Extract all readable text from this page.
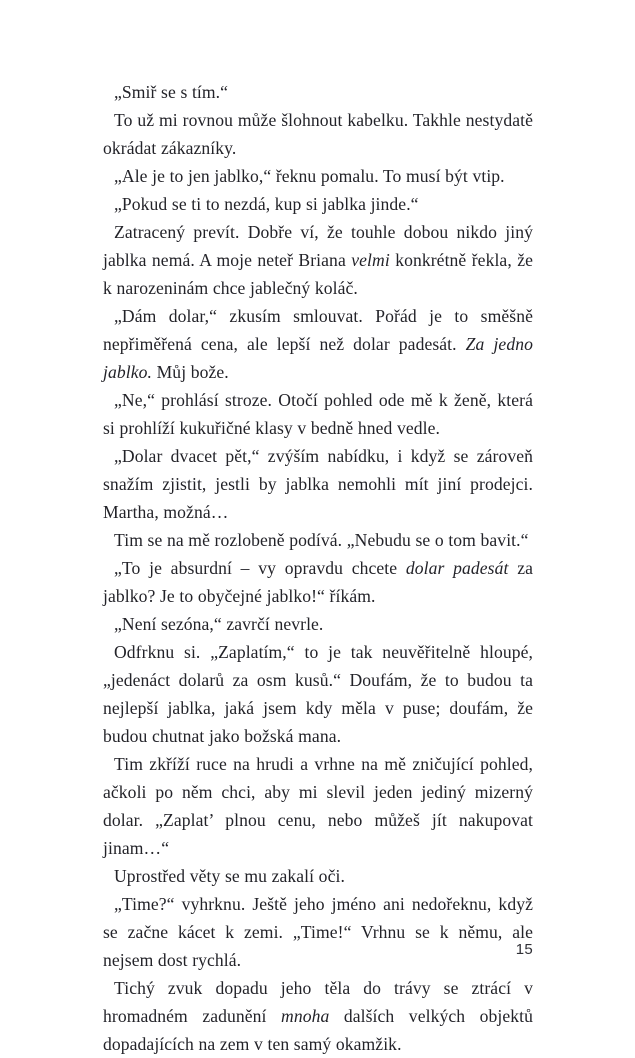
„Smiř se s tím.“

To už mi rovnou může šlohnout kabelku. Takhle nestydatě okrádat zákazníky.

„Ale je to jen jablko,“ řeknu pomalu. To musí být vtip.

„Pokud se ti to nezdá, kup si jablka jinde.“

Zatracený prevít. Dobře ví, že touhle dobou nikdo jiný jablka nemá. A moje neteř Briana velmi konkrétně řekla, že k narozeninám chce jablečný koláč.

„Dám dolar,“ zkusím smlouvat. Pořád je to směšně nepřiměřená cena, ale lepší než dolar padesát. Za jedno jablko. Můj bože.

„Ne,“ prohlásí stroze. Otočí pohled ode mě k ženě, která si prohlíží kukuřičné klasy v bedně hned vedle.

„Dolar dvacet pět,“ zvýším nabídku, i když se zároveň snažím zjistit, jestli by jablka nemohli mít jiní prodejci. Martha, možná…

Tim se na mě rozlobeně podívá. „Nebudu se o tom bavit.“

„To je absurdní – vy opravdu chcete dolar padesát za jablko? Je to obyčejné jablko!“ říkám.

„Není sezóna,“ zavrčí nevrle.

Odfrknu si. „Zaplatím,“ to je tak neuvěřitelně hloupé, „jedenáct dolarů za osm kusů.“ Doufám, že to budou ta nejlepší jablka, jaká jsem kdy měla v puse; doufám, že budou chutnat jako božská mana.

Tim zkříží ruce na hrudi a vrhne na mě zničující pohled, ačkoli po něm chci, aby mi slevil jeden jediný mizerný dolar. „Zaplat’ plnou cenu, nebo můžeš jít nakupovat jinam…“

Uprostřed věty se mu zakalí oči.

„Time?“ vyhrknu. Ještě jeho jméno ani nedořeknu, když se začne kácet k zemi. „Time!“ Vrhnu se k němu, ale nejsem dost rychlá.

Tichý zvuk dopadu jeho těla do trávy se ztrácí v hromadném zadunění mnoha dalších velkých objektů dopadajících na zem v ten samý okamžik.

15
